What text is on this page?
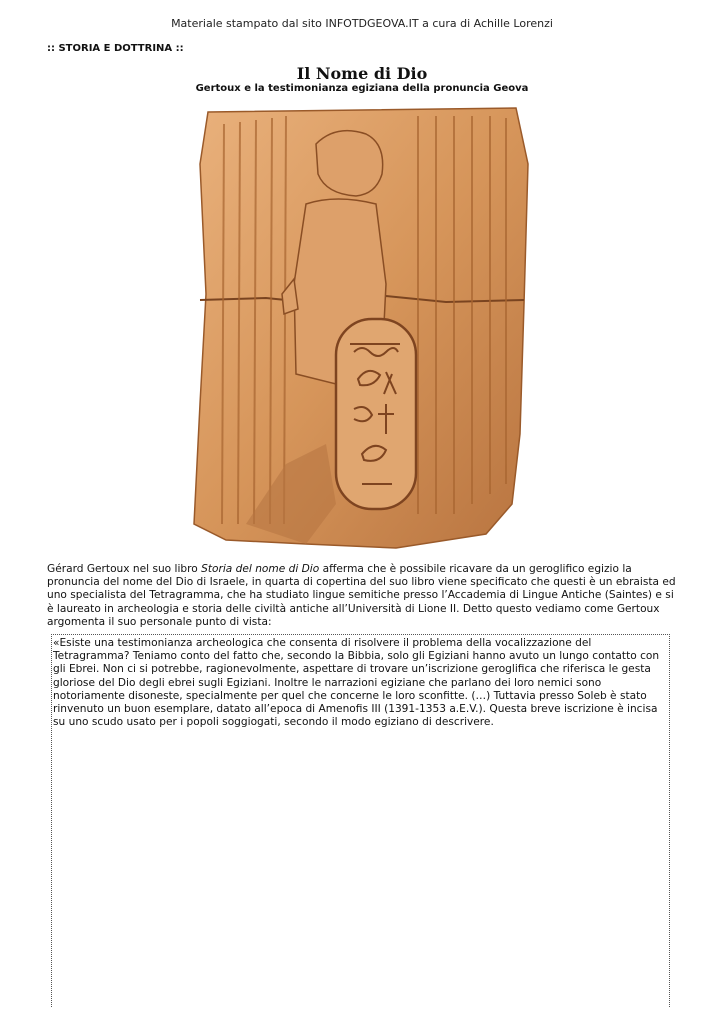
Materiale stampato dal sito INFOTDGEOVA.IT a cura di Achille Lorenzi
:: STORIA E DOTTRINA ::
Il Nome di Dio
Gertoux e la testimonianza egiziana della pronuncia Geova
Gérard Gertoux nel suo libro Storia del nome di Dio afferma che è possibile ricavare da un geroglifico egizio la pronuncia del nome del Dio di Israele, in quarta di copertina del suo libro viene specificato che questi è un ebraista ed uno specialista del Tetragramma, che ha studiato lingue semitiche presso l’Accademia di Lingue Antiche (Saintes) e si è laureato in archeologia e storia delle civiltà antiche all’Università di Lione II. Detto questo vediamo come Gertoux argomenta il suo personale punto di vista:
«Esiste una testimonianza archeologica che consenta di risolvere il problema della vocalizzazione del Tetragramma? Teniamo conto del fatto che, secondo la Bibbia, solo gli Egiziani hanno avuto un lungo contatto con gli Ebrei. Non ci si potrebbe, ragionevolmente, aspettare di trovare un’iscrizione geroglifica che riferisca le gesta gloriose del Dio degli ebrei sugli Egiziani. Inoltre le narrazioni egiziane che parlano dei loro nemici sono notoriamente disoneste, specialmente per quel che concerne le loro sconfitte. (…) Tuttavia presso Soleb è stato rinvenuto un buon esemplare, datato all’epoca di Amenofis III (1391-1353 a.E.V.). Questa breve iscrizione è incisa su uno scudo usato per i popoli soggiogati, secondo il modo egiziano di descrivere.
